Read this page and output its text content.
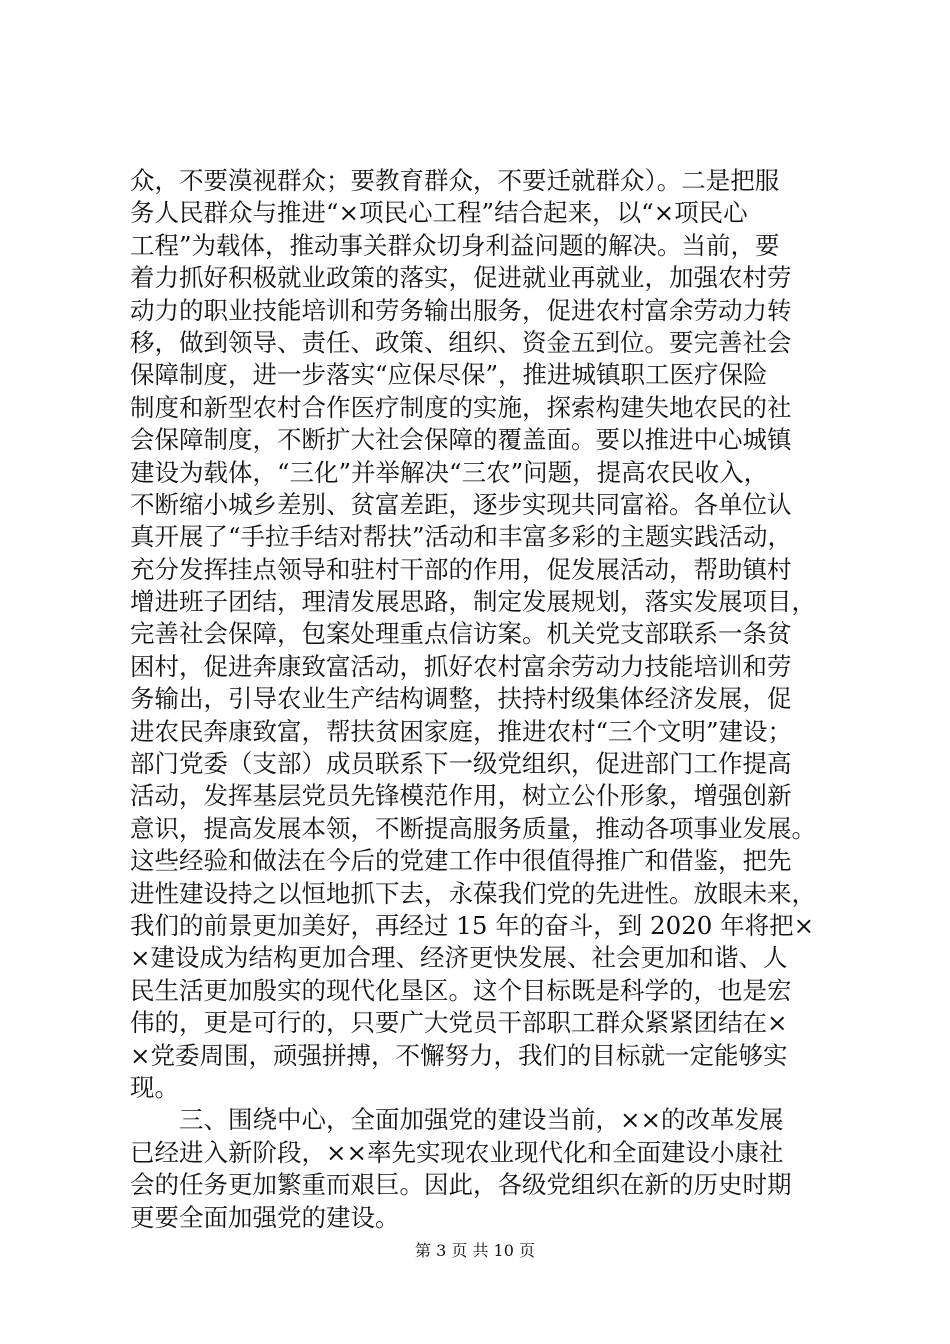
众，不要漠视群众；要教育群众，不要迁就群众）。二是把服
务人民群众与推进“×项民心工程”结合起来，以“×项民心
工程”为载体，推动事关群众切身利益问题的解决。当前，要
着力抓好积极就业政策的落实，促进就业再就业，加强农村劳
动力的职业技能培训和劳务输出服务，促进农村富余劳动力转
移，做到领导、责任、政策、组织、资金五到位。要完善社会
保障制度，进一步落实“应保尽保”，推进城镇职工医疗保险
制度和新型农村合作医疗制度的实施，探索构建失地农民的社
会保障制度，不断扩大社会保障的覆盖面。要以推进中心城镇
建设为载体，“三化”并举解决“三农”问题，提高农民收入，
不断缩小城乡差别、贫富差距，逐步实现共同富裕。各单位认
真开展了“手拉手结对帮扶”活动和丰富多彩的主题实践活动，
充分发挥挂点领导和驻村干部的作用，促发展活动，帮助镇村
增进班子团结，理清发展思路，制定发展规划，落实发展项目，
完善社会保障，包案处理重点信访案。机关党支部联系一条贫
困村，促进奔康致富活动，抓好农村富余劳动力技能培训和劳
务输出，引导农业生产结构调整，扶持村级集体经济发展，促
进农民奔康致富，帮扶贫困家庭，推进农村“三个文明”建设；
部门党委（支部）成员联系下一级党组织，促进部门工作提高
活动，发挥基层党员先锋模范作用，树立公仆形象，增强创新
意识，提高发展本领，不断提高服务质量，推动各项事业发展。
这些经验和做法在今后的党建工作中很值得推广和借鉴，把先
进性建设持之以恒地抓下去，永葆我们党的先进性。放眼未来，
我们的前景更加美好，再经过 15 年的奋斗，到 2020 年将把×
×建设成为结构更加合理、经济更快发展、社会更加和谐、人
民生活更加殷实的现代化垦区。这个目标既是科学的，也是宏
伟的，更是可行的，只要广大党员干部职工群众紧紧团结在×
×党委周围，顽强拼搏，不懈努力，我们的目标就一定能够实
现。
　　三、围绕中心，全面加强党的建设当前，××的改革发展
已经进入新阶段，××率先实现农业现代化和全面建设小康社
会的任务更加繁重而艰巨。因此，各级党组织在新的历史时期
更要全面加强党的建设。
第 3 页 共 10 页
